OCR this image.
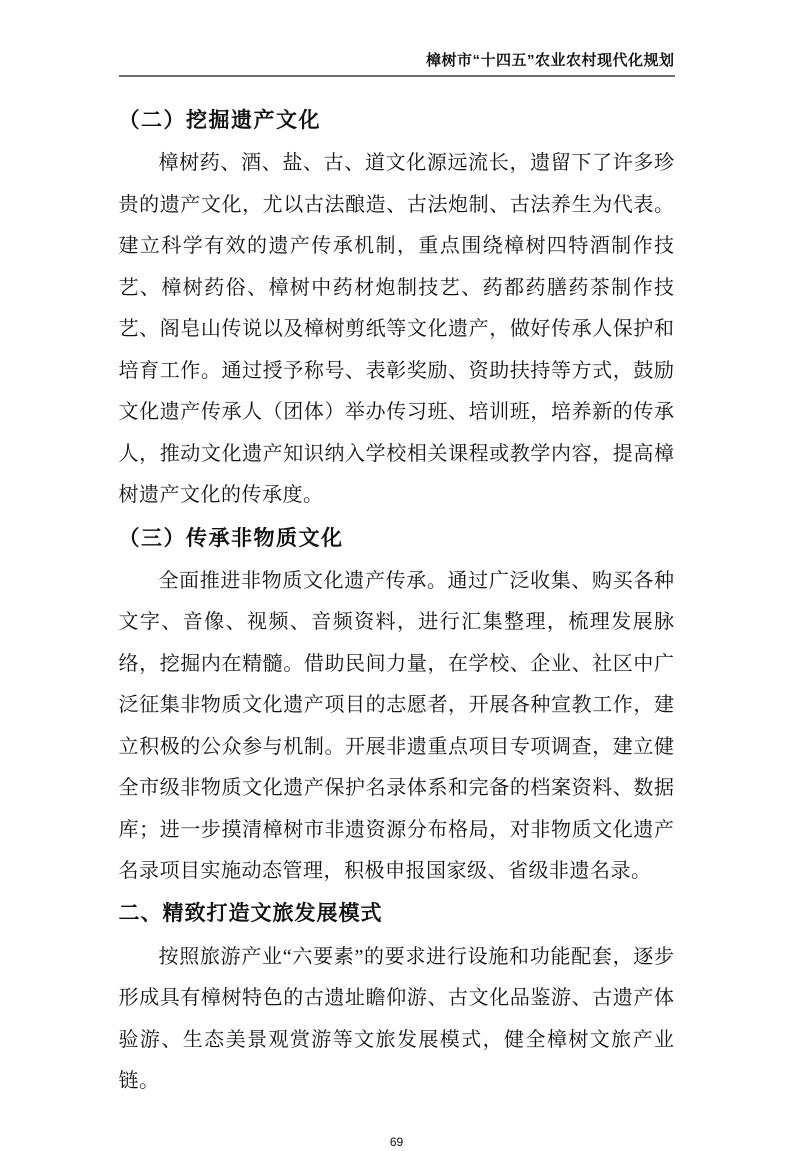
樟树市“十四五”农业农村现代化规划
（二）挖掘遗产文化

樟树药、酒、盐、古、道文化源远流长，遗留下了许多珍贵的遗产文化，尤以古法酿造、古法炮制、古法养生为代表。建立科学有效的遗产传承机制，重点围绕樟树四特酒制作技艺、樟树药俗、樟树中药材炮制技艺、药都药膳药茶制作技艺、阁皂山传说以及樟树剪纸等文化遗产，做好传承人保护和培育工作。通过授予称号、表彰奖励、资助扶持等方式，鼓励文化遗产传承人（团体）举办传习班、培训班，培养新的传承人，推动文化遗产知识纳入学校相关课程或教学内容，提高樟树遗产文化的传承度。

（三）传承非物质文化

全面推进非物质文化遗产传承。通过广泛收集、购买各种文字、音像、视频、音频资料，进行汇集整理，梳理发展脉络，挖掘内在精髓。借助民间力量，在学校、企业、社区中广泛征集非物质文化遗产项目的志愿者，开展各种宣教工作，建立积极的公众参与机制。开展非遗重点项目专项调查，建立健全市级非物质文化遗产保护名录体系和完备的档案资料、数据库；进一步摸清樟树市非遗资源分布格局，对非物质文化遗产名录项目实施动态管理，积极申报国家级、省级非遗名录。

二、精致打造文旅发展模式

按照旅游产业“六要素”的要求进行设施和功能配套，逐步形成具有樟树特色的古遗址瞻仰游、古文化品鉴游、古遗产体验游、生态美景观赏游等文旅发展模式，健全樟树文旅产业链。

69
